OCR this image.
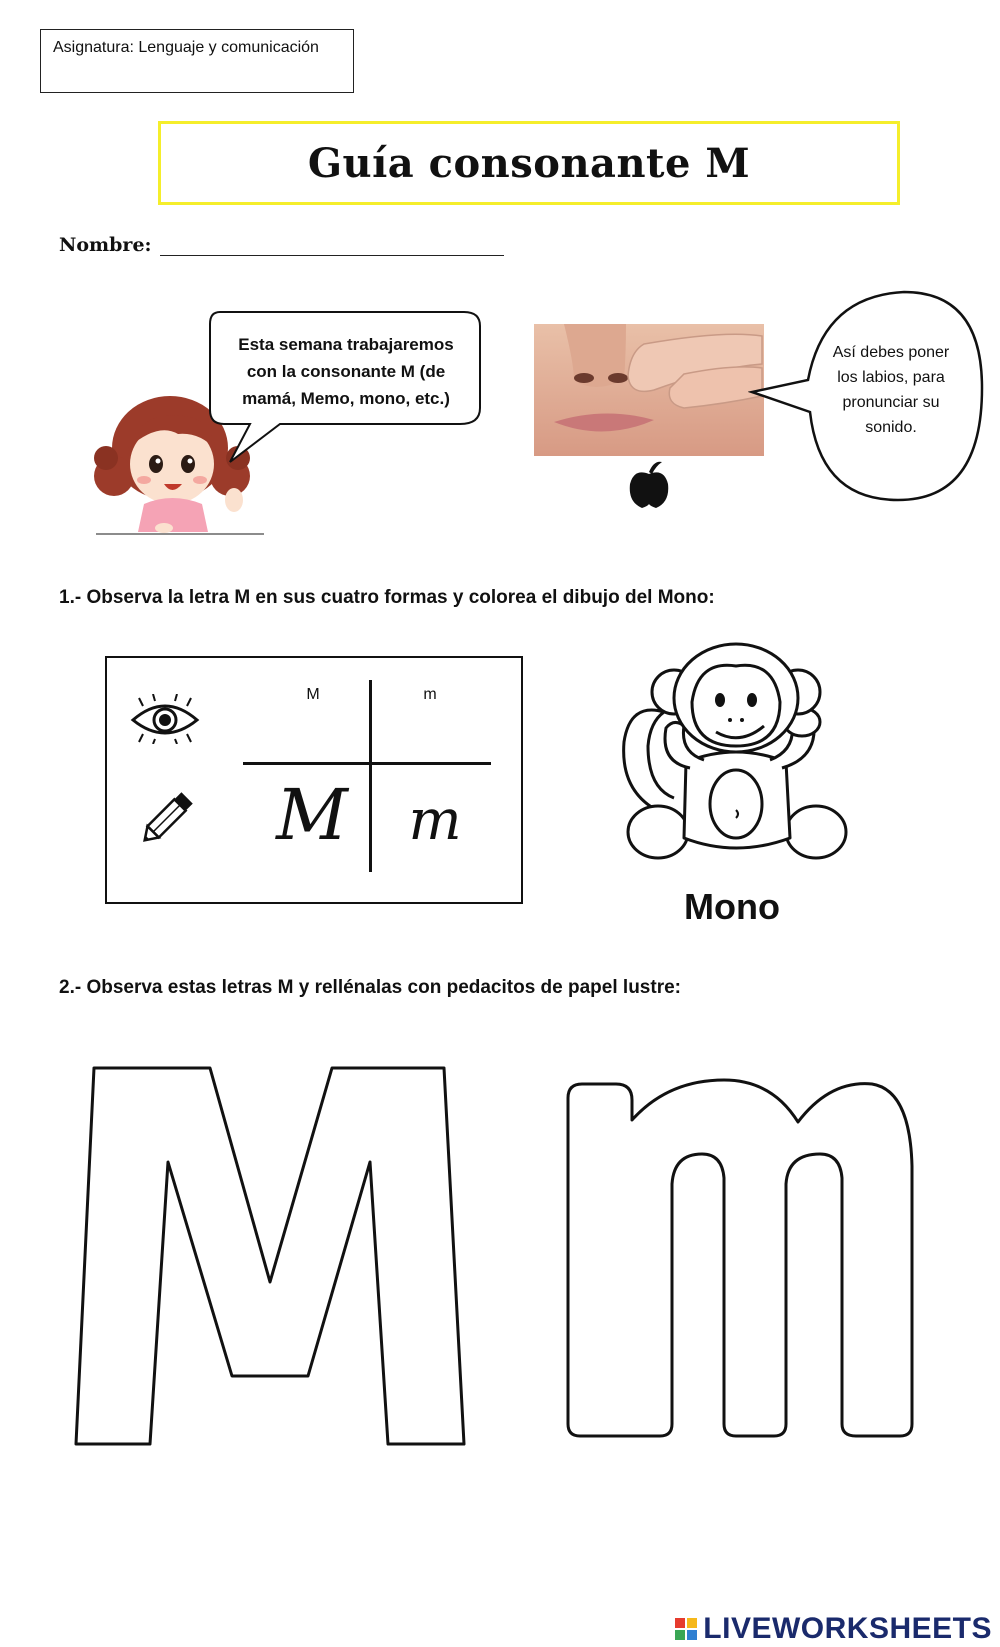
Asignatura: Lenguaje y comunicación
Guía consonante M
Nombre:
Esta semana trabajaremos con la consonante M (de mamá, Memo, mono, etc.)
Así debes poner los labios, para pronunciar su sonido.
1.- Observa la letra M en sus cuatro formas y colorea el dibujo del Mono:
M	m
M	m
Mono
2.- Observa estas letras M y rellénalas con pedacitos de papel lustre:
LIVEWORKSHEETS
